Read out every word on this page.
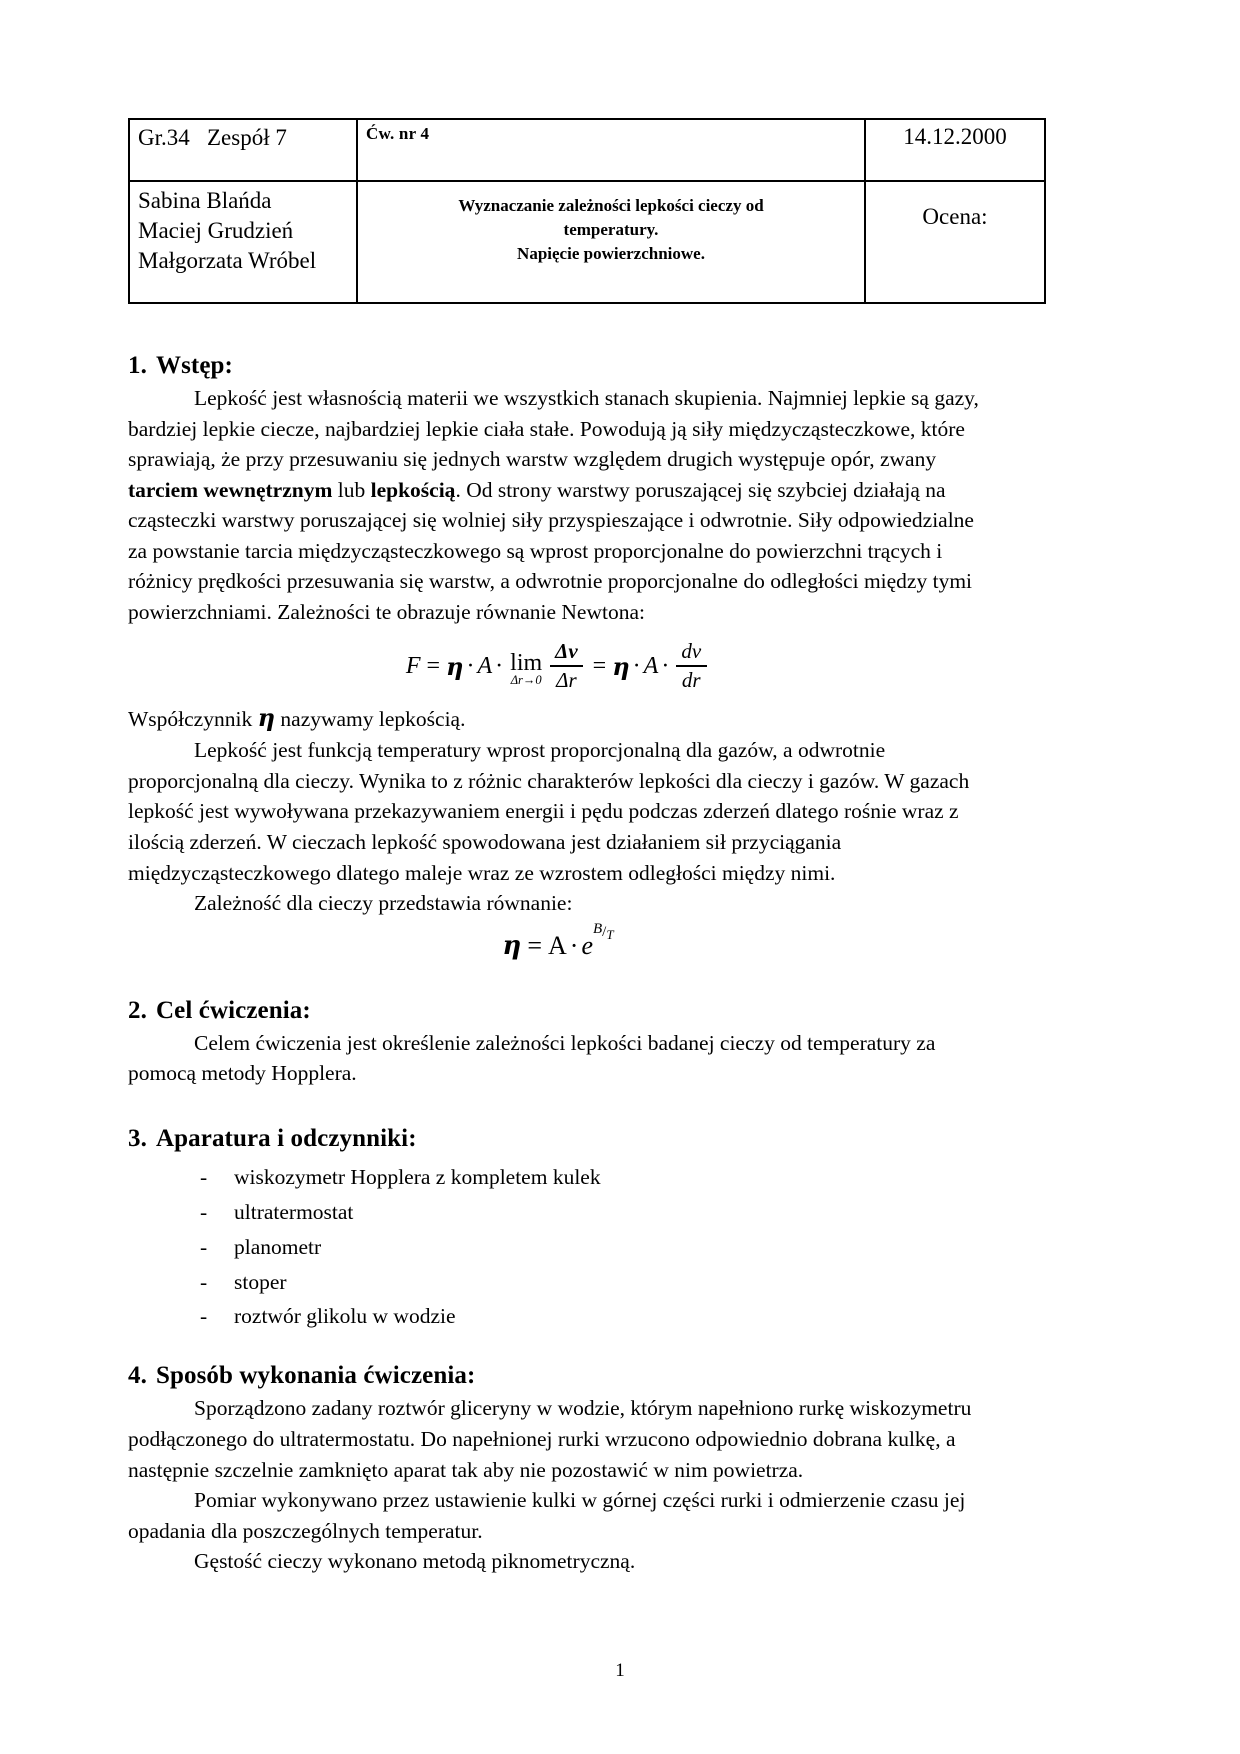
Gr.34   Zespół 7	Ćw. nr 4	14.12.2000

Sabina Blańda
Maciej Grudzień
Małgorzata Wróbel

Wyznaczanie zależności lepkości cieczy od
temperatury.
Napięcie powierzchniowe.

Ocena:
1. Wstęp:

Lepkość jest własnością materii we wszystkich stanach skupienia. Najmniej lepkie są gazy, bardziej lepkie ciecze, najbardziej lepkie ciała stałe. Powodują ją siły międzycząsteczkowe, które sprawiają, że przy przesuwaniu się jednych warstw względem drugich występuje opór, zwany tarciem wewnętrznym lub lepkością. Od strony warstwy poruszającej się szybciej działają na cząsteczki warstwy poruszającej się wolniej siły przyspieszające i odwrotnie. Siły odpowiedzialne za powstanie tarcia międzycząsteczkowego są wprost proporcjonalne do powierzchni trących i różnicy prędkości przesuwania się warstw, a odwrotnie proporcjonalne do odległości między tymi powierzchniami. Zależności te obrazuje równanie Newtona:

F = η · A · lim
$\Delta r\to 0 \frac{\Delta v}{\Delta r} = \eta \cdot A \cdot \frac{dv}{dr}$

Współczynnik η nazywamy lepkością.

Lepkość jest funkcją temperatury wprost proporcjonalną dla gazów, a odwrotnie proporcjonalną dla cieczy. Wynika to z różnic charakterów lepkości dla cieczy i gazów. W gazach lepkość jest wywoływana przekazywaniem energii i pędu podczas zderzeń dlatego rośnie wraz z ilością zderzeń. W cieczach lepkość spowodowana jest działaniem sił przyciągania międzycząsteczkowego dlatego maleje wraz ze wzrostem odległości między nimi.

Zależność dla cieczy przedstawia równanie:

η = A · e
B/T
2. Cel ćwiczenia:

Celem ćwiczenia jest określenie zależności lepkości badanej cieczy od temperatury za pomocą metody Hopplera.

3. Aparatura i odczynniki:
- wiskozymetr Hopplera z kompletem kulek
- ultratermostat
- planometr
- stoper
- roztwór glikolu w wodzie
4. Sposób wykonania ćwiczenia:

Sporządzono zadany roztwór gliceryny w wodzie, którym napełniono rurkę wiskozymetru podłączonego do ultratermostatu. Do napełnionej rurki wrzucono odpowiednio dobrana kulkę, a następnie szczelnie zamknięto aparat tak aby nie pozostawić w nim powietrza.

Pomiar wykonywano przez ustawienie kulki w górnej części rurki i odmierzenie czasu jej opadania dla poszczególnych temperatur.

Gęstość cieczy wykonano metodą piknometryczną.

1
